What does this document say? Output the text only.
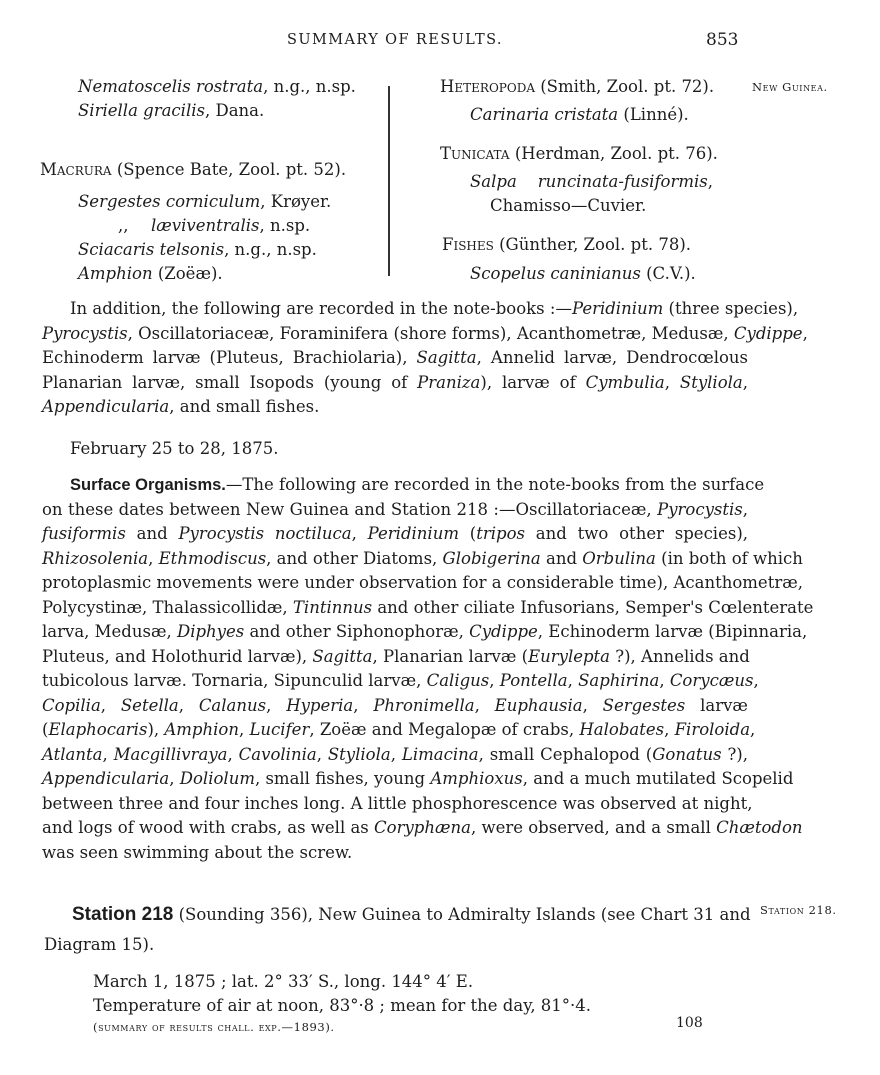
SUMMARY OF RESULTS.	853
Nematoscelis rostrata, n.g., n.sp.
Siriella gracilis, Dana.
Macrura (Spence Bate, Zool. pt. 52).
Sergestes corniculum, Krøyer.
,, læviventralis, n.sp.
Sciacaris telsonis, n.g., n.sp.
Amphion (Zoëæ).
Heteropoda (Smith, Zool. pt. 72).
Carinaria cristata (Linné).
Tunicata (Herdman, Zool. pt. 76).
Salpa    runcinata-fusiformis,
Chamisso—Cuvier.
Fishes (Günther, Zool. pt. 78).
Scopelus caninianus (C.V.).
New Guinea.
Station 218.
In addition, the following are recorded in the note-books :—Peridinium (three species),
Pyrocystis, Oscillatoriaceæ, Foraminifera (shore forms), Acanthometræ, Medusæ, Cydippe,
Echinoderm larvæ (Pluteus, Brachiolaria), Sagitta, Annelid larvæ, Dendrocœlous
Planarian larvæ, small Isopods (young of Praniza), larvæ of Cymbulia, Styliola,
Appendicularia, and small fishes.
February 25 to 28, 1875.
Surface Organisms.—The following are recorded in the note-books from the surface
on these dates between New Guinea and Station 218 :—Oscillatoriaceæ, Pyrocystis,
fusiformis and Pyrocystis noctiluca, Peridinium (tripos and two other species),
Rhizosolenia, Ethmodiscus, and other Diatoms, Globigerina and Orbulina (in both of which
protoplasmic movements were under observation for a considerable time), Acanthometræ,
Polycystinæ, Thalassicollidæ, Tintinnus and other ciliate Infusorians, Semper's Cœlenterate
larva, Medusæ, Diphyes and other Siphonophoræ, Cydippe, Echinoderm larvæ (Bipinnaria,
Pluteus, and Holothurid larvæ), Sagitta, Planarian larvæ (Eurylepta ?), Annelids and
tubicolous larvæ. Tornaria, Sipunculid larvæ, Caligus, Pontella, Saphirina, Corycæus,
Copilia, Setella, Calanus, Hyperia, Phronimella, Euphausia, Sergestes larvæ
(Elaphocaris), Amphion, Lucifer, Zoëæ and Megalopæ of crabs, Halobates, Firoloida,
Atlanta, Macgillivraya, Cavolinia, Styliola, Limacina, small Cephalopod (Gonatus ?),
Appendicularia, Doliolum, small fishes, young Amphioxus, and a much mutilated Scopelid
between three and four inches long. A little phosphorescence was observed at night,
and logs of wood with crabs, as well as Coryphæna, were observed, and a small Chætodon
was seen swimming about the screw.
Station 218 (Sounding 356), New Guinea to Admiralty Islands (see Chart 31 and
Diagram 15).
March 1, 1875 ; lat. 2° 33′ S., long. 144° 4′ E.
Temperature of air at noon, 83°·8 ; mean for the day, 81°·4.
(summary of results chall. exp.—1893).	108
